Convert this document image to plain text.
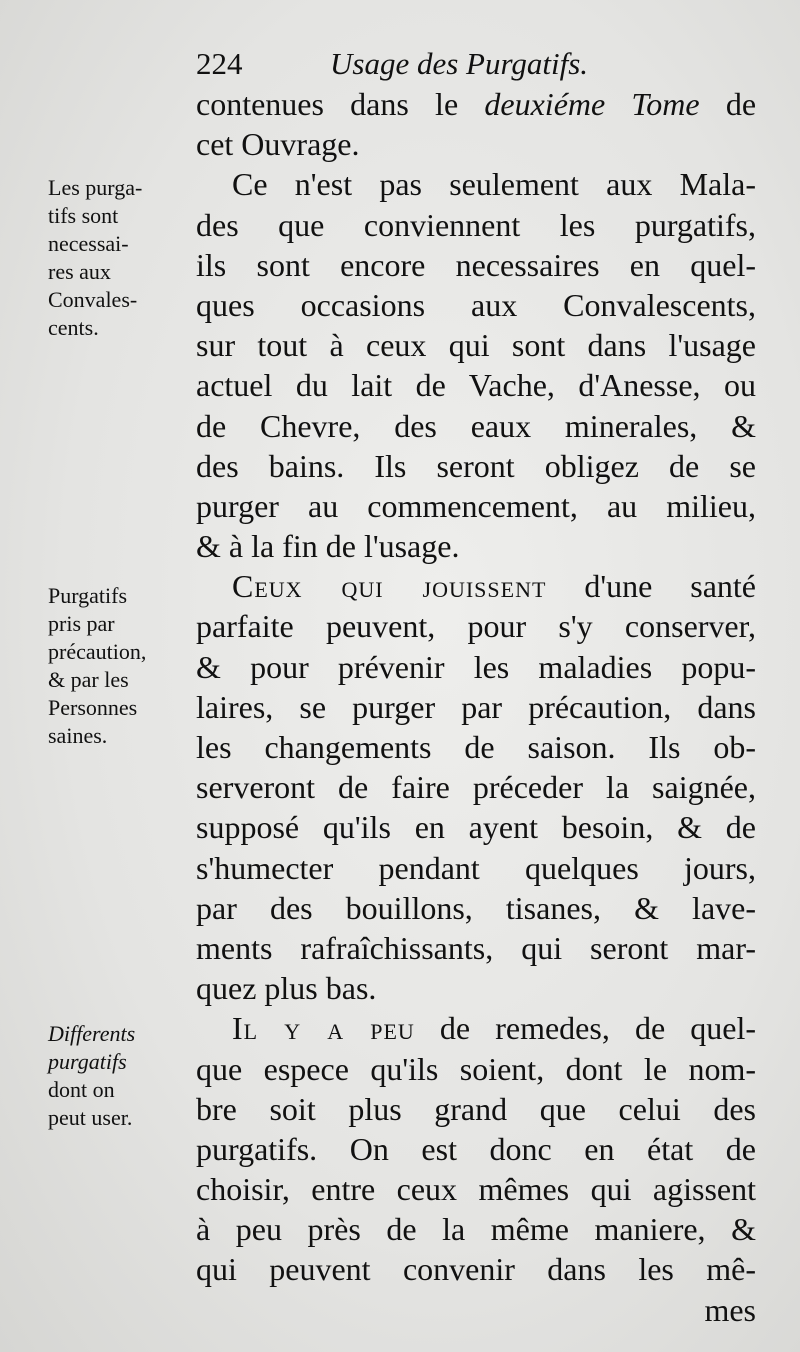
224	Usage des Purgatifs.
Les purga-
tifs sont
necessai-
res aux
Convales-
cents.
Purgatifs
pris par
précaution,
& par les
Personnes
saines.
Differents
purgatifs
dont on
peut user.
contenues dans le deuxiéme Tome de
cet Ouvrage.
Ce n'est pas seulement aux Mala-
des que conviennent les purgatifs,
ils sont encore necessaires en quel-
ques occasions aux Convalescents,
sur tout à ceux qui sont dans l'usage
actuel du lait de Vache, d'Anesse, ou
de Chevre, des eaux minerales, &
des bains. Ils seront obligez de se
purger au commencement, au milieu,
& à la fin de l'usage.
Ceux qui jouissent d'une santé
parfaite peuvent, pour s'y conserver,
& pour prévenir les maladies popu-
laires, se purger par précaution, dans
les changements de saison. Ils ob-
serveront de faire préceder la saignée,
supposé qu'ils en ayent besoin, & de
s'humecter pendant quelques jours,
par des bouillons, tisanes, & lave-
ments rafraîchissants, qui seront mar-
quez plus bas.
Il y a peu de remedes, de quel-
que espece qu'ils soient, dont le nom-
bre soit plus grand que celui des
purgatifs. On est donc en état de
choisir, entre ceux mêmes qui agissent
à peu près de la même maniere, &
qui peuvent convenir dans les mê-
mes
